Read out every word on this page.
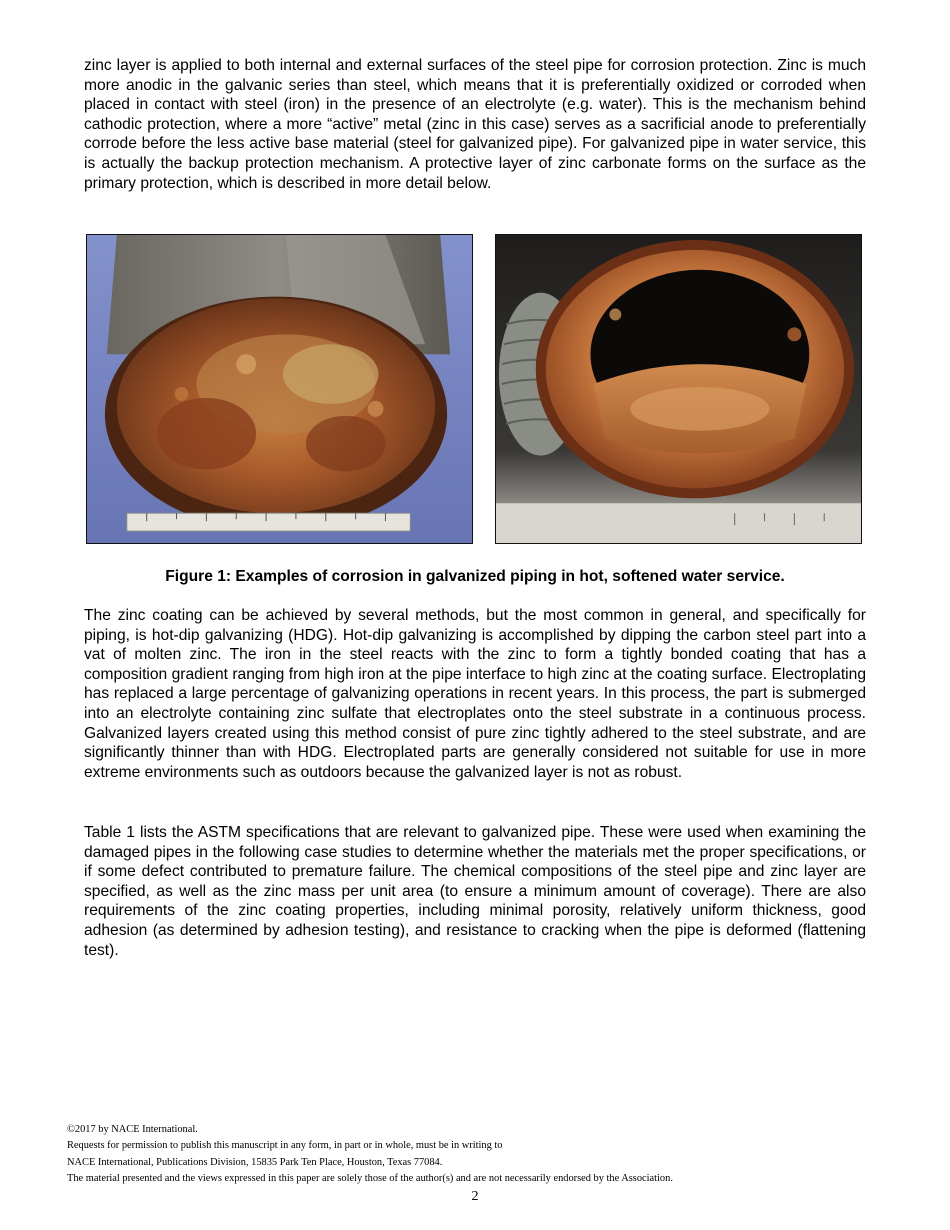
zinc layer is applied to both internal and external surfaces of the steel pipe for corrosion protection. Zinc is much more anodic in the galvanic series than steel, which means that it is preferentially oxidized or corroded when placed in contact with steel (iron) in the presence of an electrolyte (e.g. water). This is the mechanism behind cathodic protection, where a more “active” metal (zinc in this case) serves as a sacrificial anode to preferentially corrode before the less active base material (steel for galvanized pipe). For galvanized pipe in water service, this is actually the backup protection mechanism. A protective layer of zinc carbonate forms on the surface as the primary protection, which is described in more detail below.

Figure 1: Examples of corrosion in galvanized piping in hot, softened water service.

The zinc coating can be achieved by several methods, but the most common in general, and specifically for piping, is hot-dip galvanizing (HDG). Hot-dip galvanizing is accomplished by dipping the carbon steel part into a vat of molten zinc. The iron in the steel reacts with the zinc to form a tightly bonded coating that has a composition gradient ranging from high iron at the pipe interface to high zinc at the coating surface. Electroplating has replaced a large percentage of galvanizing operations in recent years. In this process, the part is submerged into an electrolyte containing zinc sulfate that electroplates onto the steel substrate in a continuous process. Galvanized layers created using this method consist of pure zinc tightly adhered to the steel substrate, and are significantly thinner than with HDG. Electroplated parts are generally considered not suitable for use in more extreme environments such as outdoors because the galvanized layer is not as robust.

Table 1 lists the ASTM specifications that are relevant to galvanized pipe. These were used when examining the damaged pipes in the following case studies to determine whether the materials met the proper specifications, or if some defect contributed to premature failure. The chemical compositions of the steel pipe and zinc layer are specified, as well as the zinc mass per unit area (to ensure a minimum amount of coverage). There are also requirements of the zinc coating properties, including minimal porosity, relatively uniform thickness, good adhesion (as determined by adhesion testing), and resistance to cracking when the pipe is deformed (flattening test).

©2017 by NACE International.
Requests for permission to publish this manuscript in any form, in part or in whole, must be in writing to
NACE International, Publications Division, 15835 Park Ten Place, Houston, Texas 77084.
The material presented and the views expressed in this paper are solely those of the author(s) and are not necessarily endorsed by the Association.
2
